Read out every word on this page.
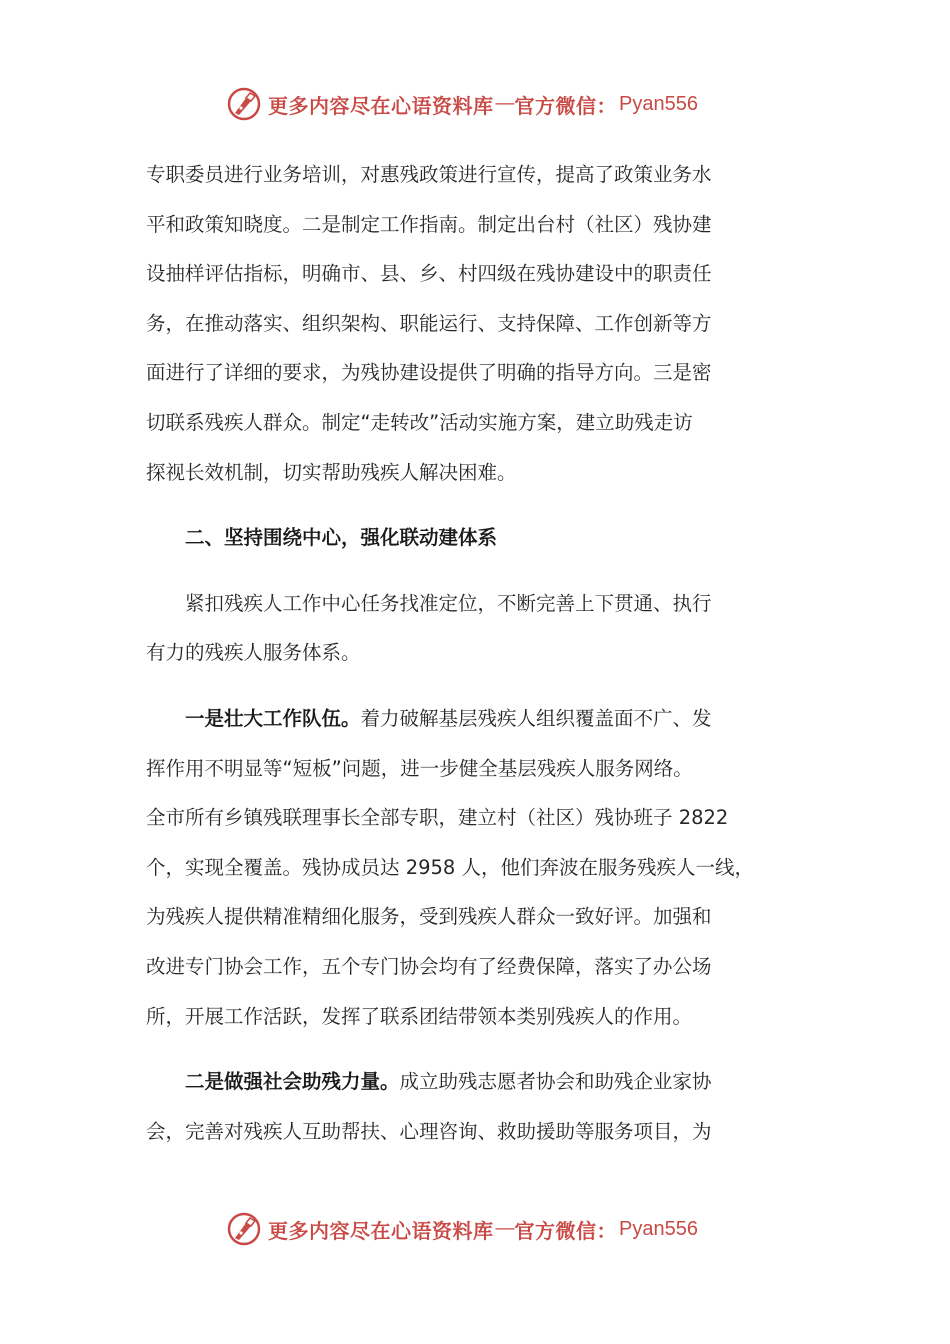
更多内容尽在心语资料库 — 官方微信： Pyan556
专职委员进行业务培训，对惠残政策进行宣传，提高了政策业务水
平和政策知晓度。二是制定工作指南。制定出台村（社区）残协建
设抽样评估指标，明确市、县、乡、村四级在残协建设中的职责任
务，在推动落实、组织架构、职能运行、支持保障、工作创新等方
面进行了详细的要求，为残协建设提供了明确的指导方向。三是密
切联系残疾人群众。制定“走转改”活动实施方案，建立助残走访
探视长效机制，切实帮助残疾人解决困难。
二、坚持围绕中心，强化联动建体系
紧扣残疾人工作中心任务找准定位，不断完善上下贯通、执行
有力的残疾人服务体系。
一是壮大工作队伍。着力破解基层残疾人组织覆盖面不广、发
挥作用不明显等“短板”问题，进一步健全基层残疾人服务网络。
全市所有乡镇残联理事长全部专职，建立村（社区）残协班子 2822
个，实现全覆盖。残协成员达 2958 人，他们奔波在服务残疾人一线，
为残疾人提供精准精细化服务，受到残疾人群众一致好评。加强和
改进专门协会工作，五个专门协会均有了经费保障，落实了办公场
所，开展工作活跃，发挥了联系团结带领本类别残疾人的作用。
二是做强社会助残力量。成立助残志愿者协会和助残企业家协
会，完善对残疾人互助帮扶、心理咨询、救助援助等服务项目，为
更多内容尽在心语资料库 — 官方微信： Pyan556
